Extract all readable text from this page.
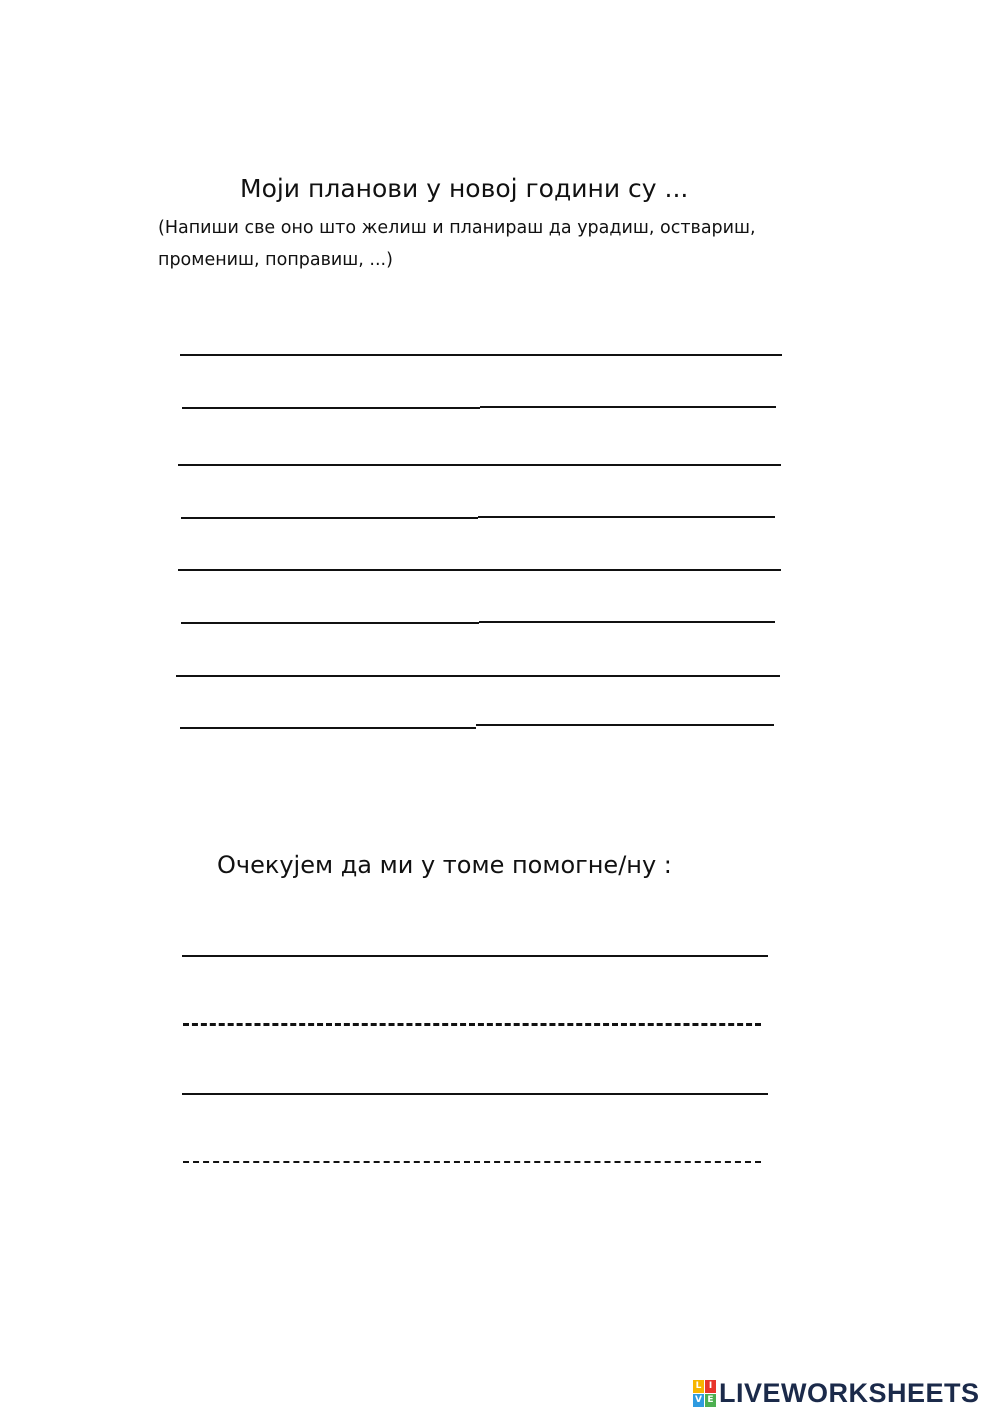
Моји планови у новој години су ...
(Напиши све оно што желиш и планираш да урадиш, оствариш, промениш, поправиш, ...)
Очекујем да ми у томе помогне/ну :
L I
V E LIVEWORKSHEETS
